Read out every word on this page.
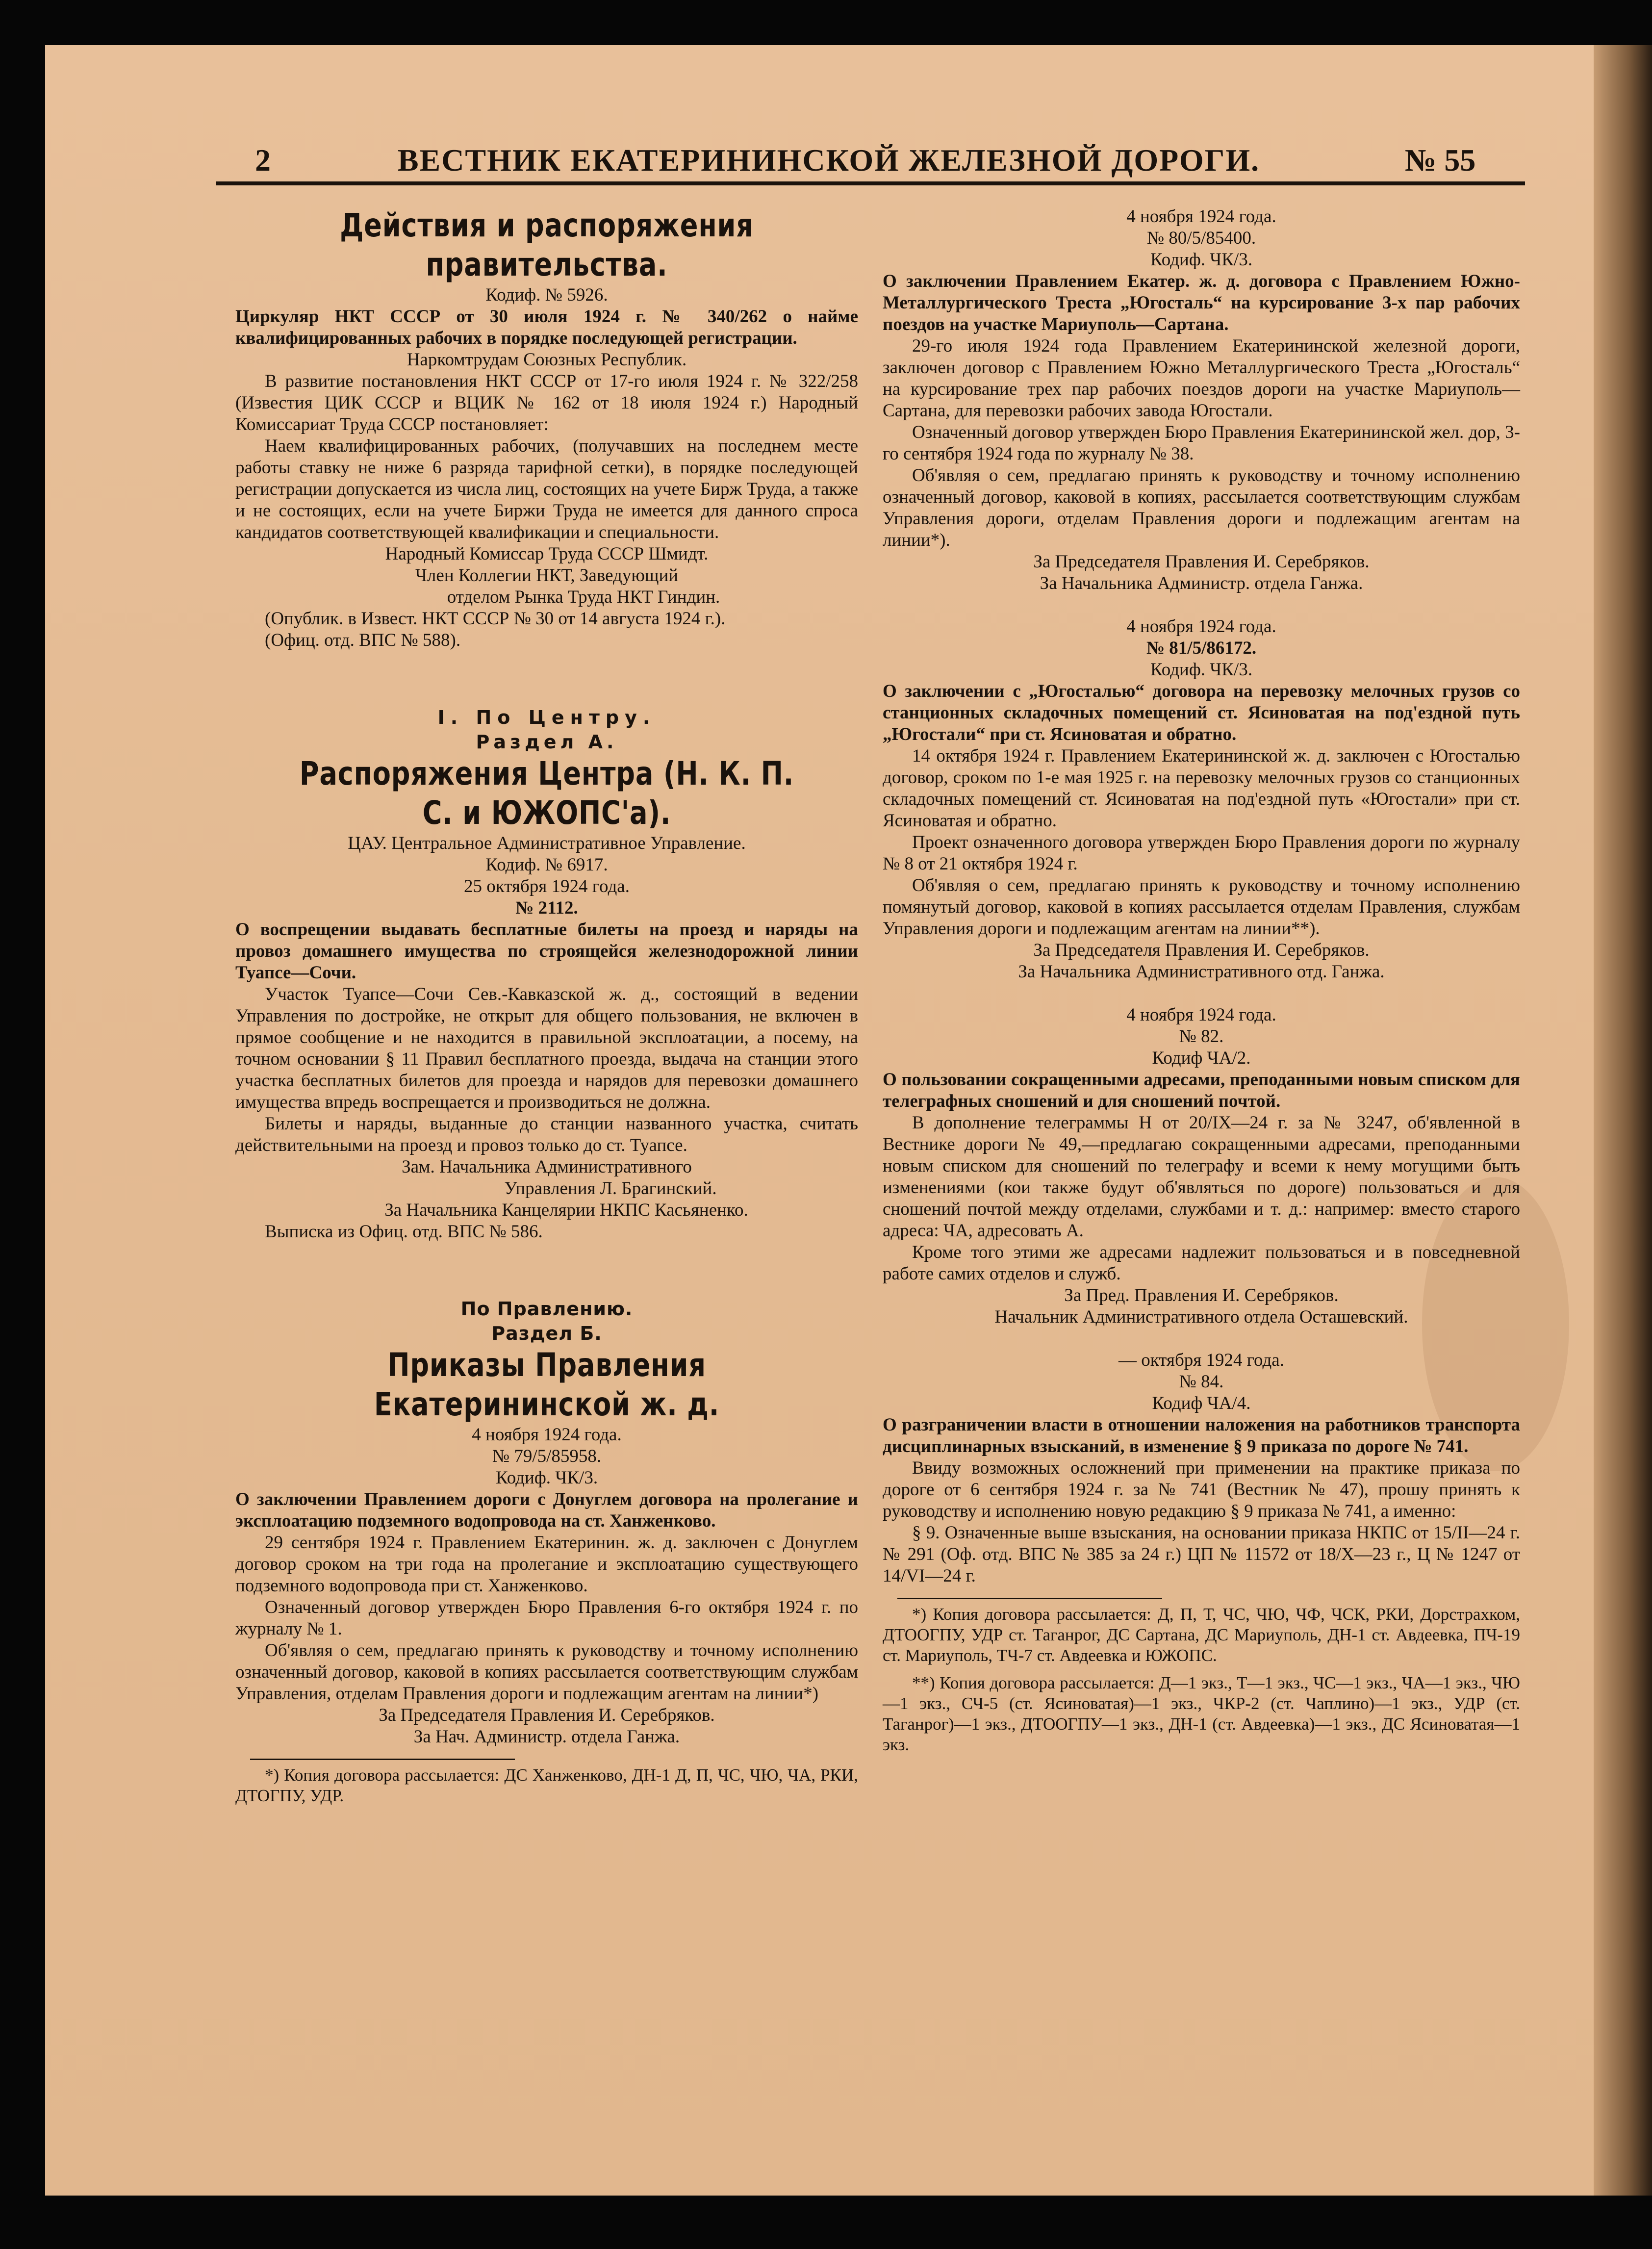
2	ВЕСТНИК ЕКАТЕРИНИНСКОЙ ЖЕЛЕЗНОЙ ДОРОГИ.	№ 55
Действия и распоряжения правительства.

Кодиф. № 5926.

Циркуляр НКТ СССР от 30 июля 1924 г. № 340/262 о найме квалифицированных рабочих в порядке последующей регистрации.

Наркомтрудам Союзных Республик.

В развитие постановления НКТ СССР от 17-го июля 1924 г. № 322/258 (Известия ЦИК СССР и ВЦИК № 162 от 18 июля 1924 г.) Народный Комиссариат Труда СССР постановляет:

Наем квалифицированных рабочих, (получавших на последнем месте работы ставку не ниже 6 разряда тарифной сетки), в порядке последующей регистрации допускается из числа лиц, состоящих на учете Бирж Труда, а также и не состоящих, если на учете Биржи Труда не имеется для данного спроса кандидатов соответствующей квалификации и специальности.

Народный Комиссар Труда СССР Шмидт.

Член Коллегии НКТ, Заведующий

отделом Рынка Труда НКТ Гиндин.

(Опублик. в Извест. НКТ СССР № 30 от 14 августа 1924 г.).

(Офиц. отд. ВПС № 588).

I. По Центру.
Раздел А.
Распоряжения Центра (Н. К. П. С. и ЮЖОПС'а).

ЦАУ. Центральное Административное Управление.

Кодиф. № 6917.

25 октября 1924 года.

№ 2112.

О воспрещении выдавать бесплатные билеты на проезд и наряды на провоз домашнего имущества по строящейся железнодорожной линии Туапсе—Сочи.

Участок Туапсе—Сочи Сев.-Кавказской ж. д., состоящий в ведении Управления по достройке, не открыт для общего пользования, не включен в прямое сообщение и не находится в правильной эксплоатации, а посему, на точном основании § 11 Правил бесплатного проезда, выдача на станции этого участка бесплатных билетов для проезда и нарядов для перевозки домашнего имущества впредь воспрещается и производиться не должна.

Билеты и наряды, выданные до станции названного участка, считать действительными на проезд и провоз только до ст. Туапсе.

Зам. Начальника Административного

Управления Л. Брагинский.

За Начальника Канцелярии НКПС Касьяненко.

Выписка из Офиц. отд. ВПС № 586.

По Правлению.
Раздел Б.
Приказы Правления Екатерининской ж. д.

4 ноября 1924 года.

№ 79/5/85958.

Кодиф. ЧК/3.

О заключении Правлением дороги с Донуглем договора на пролегание и эксплоатацию подземного водопровода на ст. Ханженково.

29 сентября 1924 г. Правлением Екатеринин. ж. д. заключен с Донуглем договор сроком на три года на пролегание и эксплоатацию существующего подземного водопровода при ст. Ханженково.

Означенный договор утвержден Бюро Правления 6-го октября 1924 г. по журналу № 1.

Об'являя о сем, предлагаю принять к руководству и точному исполнению означенный договор, каковой в копиях рассылается соответствующим службам Управления, отделам Правления дороги и подлежащим агентам на линии*)

За Председателя Правления И. Серебряков.

За Нач. Администр. отдела Ганжа.

*) Копия договора рассылается: ДС Ханженково, ДН-1 Д, П, ЧС, ЧЮ, ЧА, РКИ, ДТОГПУ, УДР.

4 ноября 1924 года.

№ 80/5/85400.

Кодиф. ЧК/3.

О заключении Правлением Екатер. ж. д. договора с Правлением Южно-Металлургического Треста „Югосталь“ на курсирование 3-х пар рабочих поездов на участке Мариуполь—Сартана.

29-го июля 1924 года Правлением Екатерининской железной дороги, заключен договор с Правлением Южно Металлургического Треста „Югосталь“ на курсирование трех пар рабочих поездов дороги на участке Мариуполь—Сартана, для перевозки рабочих завода Югостали.

Означенный договор утвержден Бюро Правления Екатерининской жел. дор, 3-го сентября 1924 года по журналу № 38.

Об'являя о сем, предлагаю принять к руководству и точному исполнению означенный договор, каковой в копиях, рассылается соответствующим службам Управления дороги, отделам Правления дороги и подлежащим агентам на линии*).

За Председателя Правления И. Серебряков.

За Начальника Администр. отдела Ганжа.

4 ноября 1924 года.

№ 81/5/86172.

Кодиф. ЧК/3.

О заключении с „Югосталью“ договора на перевозку мелочных грузов со станционных складочных помещений ст. Ясиноватая на под'ездной путь „Югостали“ при ст. Ясиноватая и обратно.

14 октября 1924 г. Правлением Екатерининской ж. д. заключен с Югосталью договор, сроком по 1-е мая 1925 г. на перевозку мелочных грузов со станционных складочных помещений ст. Ясиноватая на под'ездной путь «Югостали» при ст. Ясиноватая и обратно.

Проект означенного договора утвержден Бюро Правления дороги по журналу № 8 от 21 октября 1924 г.

Об'являя о сем, предлагаю принять к руководству и точному исполнению помянутый договор, каковой в копиях рассылается отделам Правления, службам Управления дороги и подлежащим агентам на линии**).

За Председателя Правления И. Серебряков.

За Начальника Административного отд. Ганжа.

4 ноября 1924 года.

№ 82.

Кодиф ЧА/2.

О пользовании сокращенными адресами, преподанными новым списком для телеграфных сношений и для сношений почтой.

В дополнение телеграммы Н от 20/IX—24 г. за № 3247, об'явленной в Вестнике дороги № 49,—предлагаю сокращенными адресами, преподанными новым списком для сношений по телеграфу и всеми к нему могущими быть изменениями (кои также будут об'являться по дороге) пользоваться и для сношений почтой между отделами, службами и т. д.: например: вместо старого адреса: ЧА, адресовать А.

Кроме того этими же адресами надлежит пользоваться и в повседневной работе самих отделов и служб.

За Пред. Правления И. Серебряков.

Начальник Административного отдела Осташевский.

— октября 1924 года.

№ 84.

Кодиф ЧА/4.

О разграничении власти в отношении наложения на работников транспорта дисциплинарных взысканий, в изменение § 9 приказа по дороге № 741.

Ввиду возможных осложнений при применении на практике приказа по дороге от 6 сентября 1924 г. за № 741 (Вестник № 47), прошу принять к руководству и исполнению новую редакцию § 9 приказа № 741, а именно:

§ 9. Означенные выше взыскания, на основании приказа НКПС от 15/II—24 г. № 291 (Оф. отд. ВПС № 385 за 24 г.) ЦП № 11572 от 18/X—23 г., Ц № 1247 от 14/VI—24 г.

*) Копия договора рассылается: Д, П, Т, ЧС, ЧЮ, ЧФ, ЧСК, РКИ, Дорстрахком, ДТООГПУ, УДР ст. Таганрог, ДС Сартана, ДС Мариуполь, ДН-1 ст. Авдеевка, ПЧ-19 ст. Мариуполь, ТЧ-7 ст. Авдеевка и ЮЖОПС.

**) Копия договора рассылается: Д—1 экз., Т—1 экз., ЧС—1 экз., ЧА—1 экз., ЧЮ—1 экз., СЧ-5 (ст. Ясиноватая)—1 экз., ЧКР-2 (ст. Чаплино)—1 экз., УДР (ст. Таганрог)—1 экз., ДТООГПУ—1 экз., ДН-1 (ст. Авдеевка)—1 экз., ДС Ясиноватая—1 экз.
